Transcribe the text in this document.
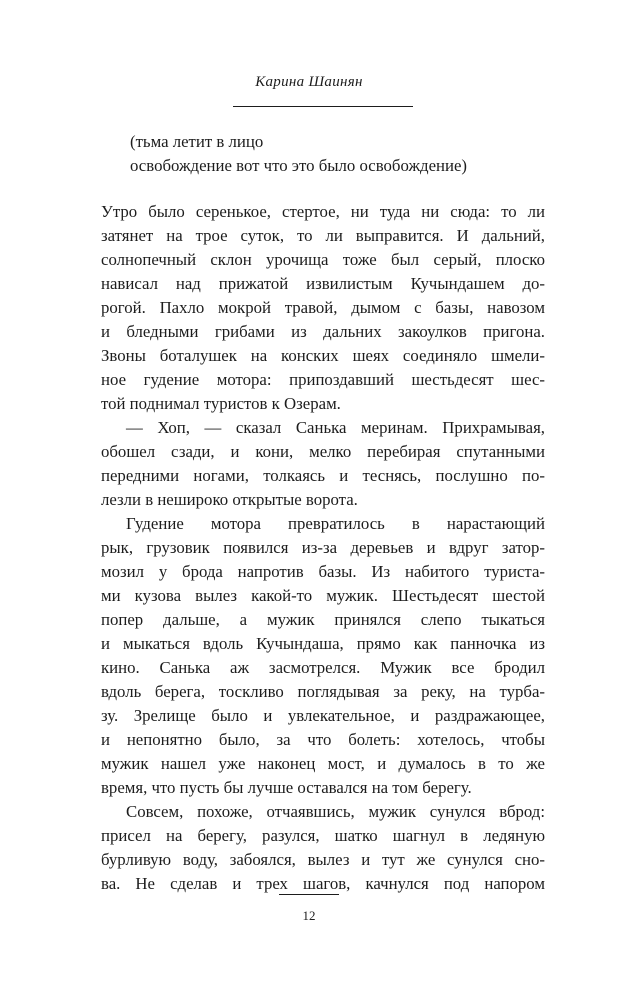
Карина Шаинян
(тьма летит в лицо
освобождение вот что это было освобождение)
Утро было серенькое, стертое, ни туда ни сюда: то ли
затянет на трое суток, то ли выправится. И дальний,
солнопечный склон урочища тоже был серый, плоско
нависал над прижатой извилистым Кучындашем до-
рогой. Пахло мокрой травой, дымом с базы, навозом
и бледными грибами из дальних закоулков пригона.
Звоны боталушек на конских шеях соединяло шмели-
ное гудение мотора: припоздавший шестьдесят шес-
той поднимал туристов к Озерам.
— Хоп, — сказал Санька меринам. Прихрамывая,
обошел сзади, и кони, мелко перебирая спутанными
передними ногами, толкаясь и теснясь, послушно по-
лезли в нешироко открытые ворота.
Гудение мотора превратилось в нарастающий
рык, грузовик появился из-за деревьев и вдруг затор-
мозил у брода напротив базы. Из набитого туриста-
ми кузова вылез какой-то мужик. Шестьдесят шестой
попер дальше, а мужик принялся слепо тыкаться
и мыкаться вдоль Кучындаша, прямо как панночка из
кино. Санька аж засмотрелся. Мужик все бродил
вдоль берега, тоскливо поглядывая за реку, на турба-
зу. Зрелище было и увлекательное, и раздражающее,
и непонятно было, за что болеть: хотелось, чтобы
мужик нашел уже наконец мост, и думалось в то же
время, что пусть бы лучше оставался на том берегу.
Совсем, похоже, отчаявшись, мужик сунулся вброд:
присел на берегу, разулся, шатко шагнул в ледяную
бурливую воду, забоялся, вылез и тут же сунулся сно-
ва. Не сделав и трех шагов, качнулся под напором
12
